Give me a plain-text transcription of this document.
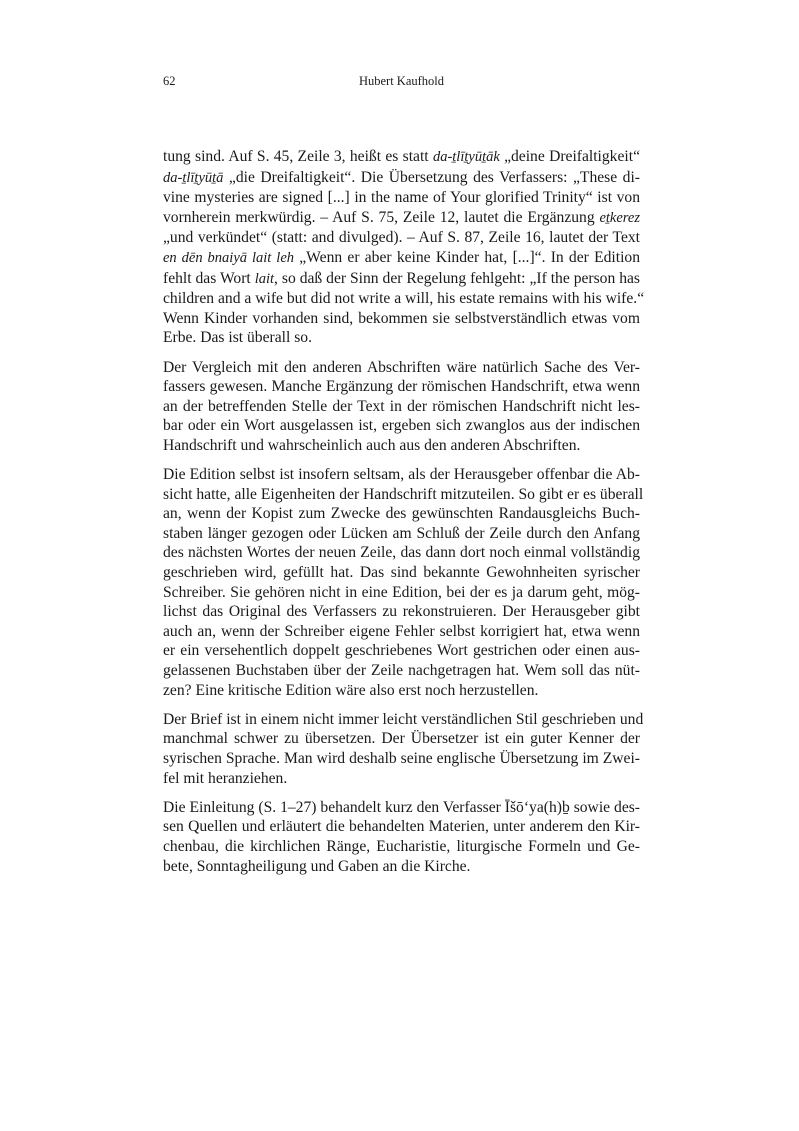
62	Hubert Kaufhold
tung sind. Auf S. 45, Zeile 3, heißt es statt da-ṯlīṯyūṯāk „deine Dreifaltigkeit“
da-ṯlīṯyūṯā „die Dreifaltigkeit“. Die Übersetzung des Verfassers: „These di-
vine mysteries are signed [...] in the name of Your glorified Trinity“ ist von
vornherein merkwürdig. – Auf S. 75, Zeile 12, lautet die Ergänzung eṯkerez
„und verkündet“ (statt: and divulged). – Auf S. 87, Zeile 16, lautet der Text
en dēn bnaiyā lait leh „Wenn er aber keine Kinder hat, [...]“. In der Edition
fehlt das Wort lait, so daß der Sinn der Regelung fehlgeht: „If the person has
children and a wife but did not write a will, his estate remains with his wife.“
Wenn Kinder vorhanden sind, bekommen sie selbstverständlich etwas vom
Erbe. Das ist überall so.
Der Vergleich mit den anderen Abschriften wäre natürlich Sache des Ver-
fassers gewesen. Manche Ergänzung der römischen Handschrift, etwa wenn
an der betreffenden Stelle der Text in der römischen Handschrift nicht les-
bar oder ein Wort ausgelassen ist, ergeben sich zwanglos aus der indischen
Handschrift und wahrscheinlich auch aus den anderen Abschriften.
Die Edition selbst ist insofern seltsam, als der Herausgeber offenbar die Ab-
sicht hatte, alle Eigenheiten der Handschrift mitzuteilen. So gibt er es überall
an, wenn der Kopist zum Zwecke des gewünschten Randausgleichs Buch-
staben länger gezogen oder Lücken am Schluß der Zeile durch den Anfang
des nächsten Wortes der neuen Zeile, das dann dort noch einmal vollständig
geschrieben wird, gefüllt hat. Das sind bekannte Gewohnheiten syrischer
Schreiber. Sie gehören nicht in eine Edition, bei der es ja darum geht, mög-
lichst das Original des Verfassers zu rekonstruieren. Der Herausgeber gibt
auch an, wenn der Schreiber eigene Fehler selbst korrigiert hat, etwa wenn
er ein versehentlich doppelt geschriebenes Wort gestrichen oder einen aus-
gelassenen Buchstaben über der Zeile nachgetragen hat. Wem soll das nüt-
zen? Eine kritische Edition wäre also erst noch herzustellen.
Der Brief ist in einem nicht immer leicht verständlichen Stil geschrieben und
manchmal schwer zu übersetzen. Der Übersetzer ist ein guter Kenner der
syrischen Sprache. Man wird deshalb seine englische Übersetzung im Zwei-
fel mit heranziehen.
Die Einleitung (S. 1–27) behandelt kurz den Verfasser Īšō‘ya(h)ḇ sowie des-
sen Quellen und erläutert die behandelten Materien, unter anderem den Kir-
chenbau, die kirchlichen Ränge, Eucharistie, liturgische Formeln und Ge-
bete, Sonntagheiligung und Gaben an die Kirche.
